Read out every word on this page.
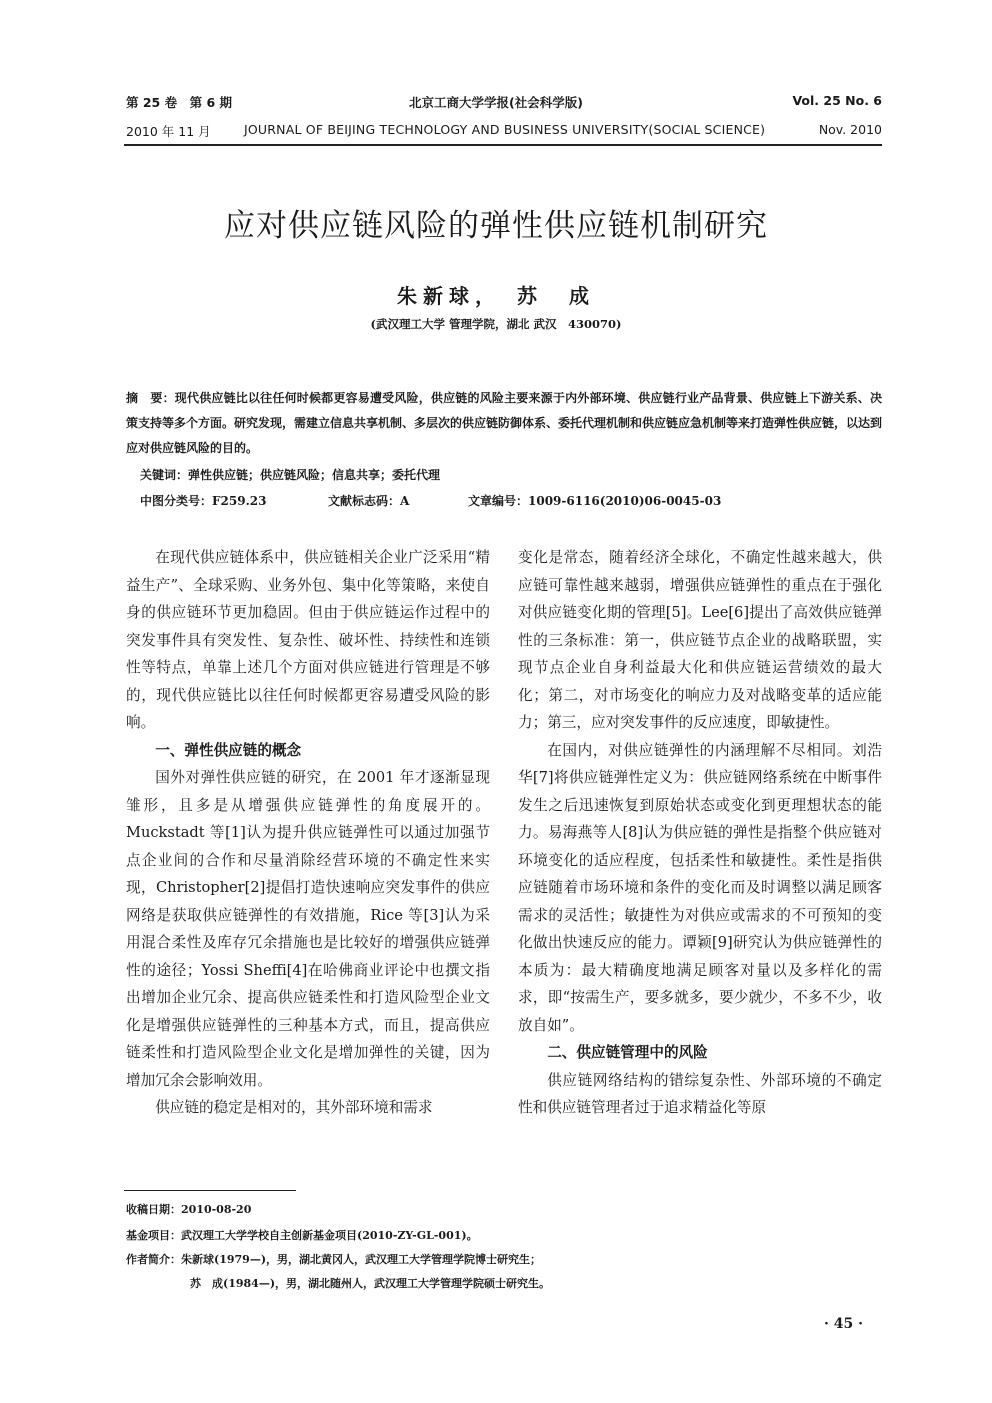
第 25 卷　第 6 期	北京工商大学学报(社会科学版)	Vol. 25 No. 6
2010 年 11 月	JOURNAL OF BEIJING TECHNOLOGY AND BUSINESS UNIVERSITY(SOCIAL SCIENCE)	Nov. 2010
应对供应链风险的弹性供应链机制研究
朱新球，　苏　成
(武汉理工大学 管理学院，湖北 武汉　430070)
摘　要：现代供应链比以往任何时候都更容易遭受风险，供应链的风险主要来源于内外部环境、供应链行业产品背景、供应链上下游关系、决策支持等多个方面。研究发现，需建立信息共享机制、多层次的供应链防御体系、委托代理机制和供应链应急机制等来打造弹性供应链，以达到应对供应链风险的目的。
关键词：弹性供应链；供应链风险；信息共享；委托代理
中图分类号：F259.23	文献标志码：A	文章编号：1009-6116(2010)06-0045-03

在现代供应链体系中，供应链相关企业广泛采用“精益生产”、全球采购、业务外包、集中化等策略，来使自身的供应链环节更加稳固。但由于供应链运作过程中的突发事件具有突发性、复杂性、破坏性、持续性和连锁性等特点，单靠上述几个方面对供应链进行管理是不够的，现代供应链比以往任何时候都更容易遭受风险的影响。

一、弹性供应链的概念

国外对弹性供应链的研究，在 2001 年才逐渐显现雏形，且多是从增强供应链弹性的角度展开的。Muckstadt 等[1]认为提升供应链弹性可以通过加强节点企业间的合作和尽量消除经营环境的不确定性来实现，Christopher[2]提倡打造快速响应突发事件的供应网络是获取供应链弹性的有效措施，Rice 等[3]认为采用混合柔性及库存冗余措施也是比较好的增强供应链弹性的途径；Yossi Sheffi[4]在哈佛商业评论中也撰文指出增加企业冗余、提高供应链柔性和打造风险型企业文化是增强供应链弹性的三种基本方式，而且，提高供应链柔性和打造风险型企业文化是增加弹性的关键，因为增加冗余会影响效用。

供应链的稳定是相对的，其外部环境和需求

变化是常态，随着经济全球化，不确定性越来越大，供应链可靠性越来越弱，增强供应链弹性的重点在于强化对供应链变化期的管理[5]。Lee[6]提出了高效供应链弹性的三条标准：第一，供应链节点企业的战略联盟，实现节点企业自身利益最大化和供应链运营绩效的最大化；第二，对市场变化的响应力及对战略变革的适应能力；第三，应对突发事件的反应速度，即敏捷性。

在国内，对供应链弹性的内涵理解不尽相同。刘浩华[7]将供应链弹性定义为：供应链网络系统在中断事件发生之后迅速恢复到原始状态或变化到更理想状态的能力。易海燕等人[8]认为供应链的弹性是指整个供应链对环境变化的适应程度，包括柔性和敏捷性。柔性是指供应链随着市场环境和条件的变化而及时调整以满足顾客需求的灵活性；敏捷性为对供应或需求的不可预知的变化做出快速反应的能力。谭颖[9]研究认为供应链弹性的本质为：最大精确度地满足顾客对量以及多样化的需求，即“按需生产，要多就多，要少就少，不多不少，收放自如”。

二、供应链管理中的风险

供应链网络结构的错综复杂性、外部环境的不确定性和供应链管理者过于追求精益化等原

收稿日期：2010-08-20
基金项目：武汉理工大学学校自主创新基金项目(2010-ZY-GL-001)。
作者简介：朱新球(1979—)，男，湖北黄冈人，武汉理工大学管理学院博士研究生；
苏　成(1984—)，男，湖北随州人，武汉理工大学管理学院硕士研究生。
· 45 ·
